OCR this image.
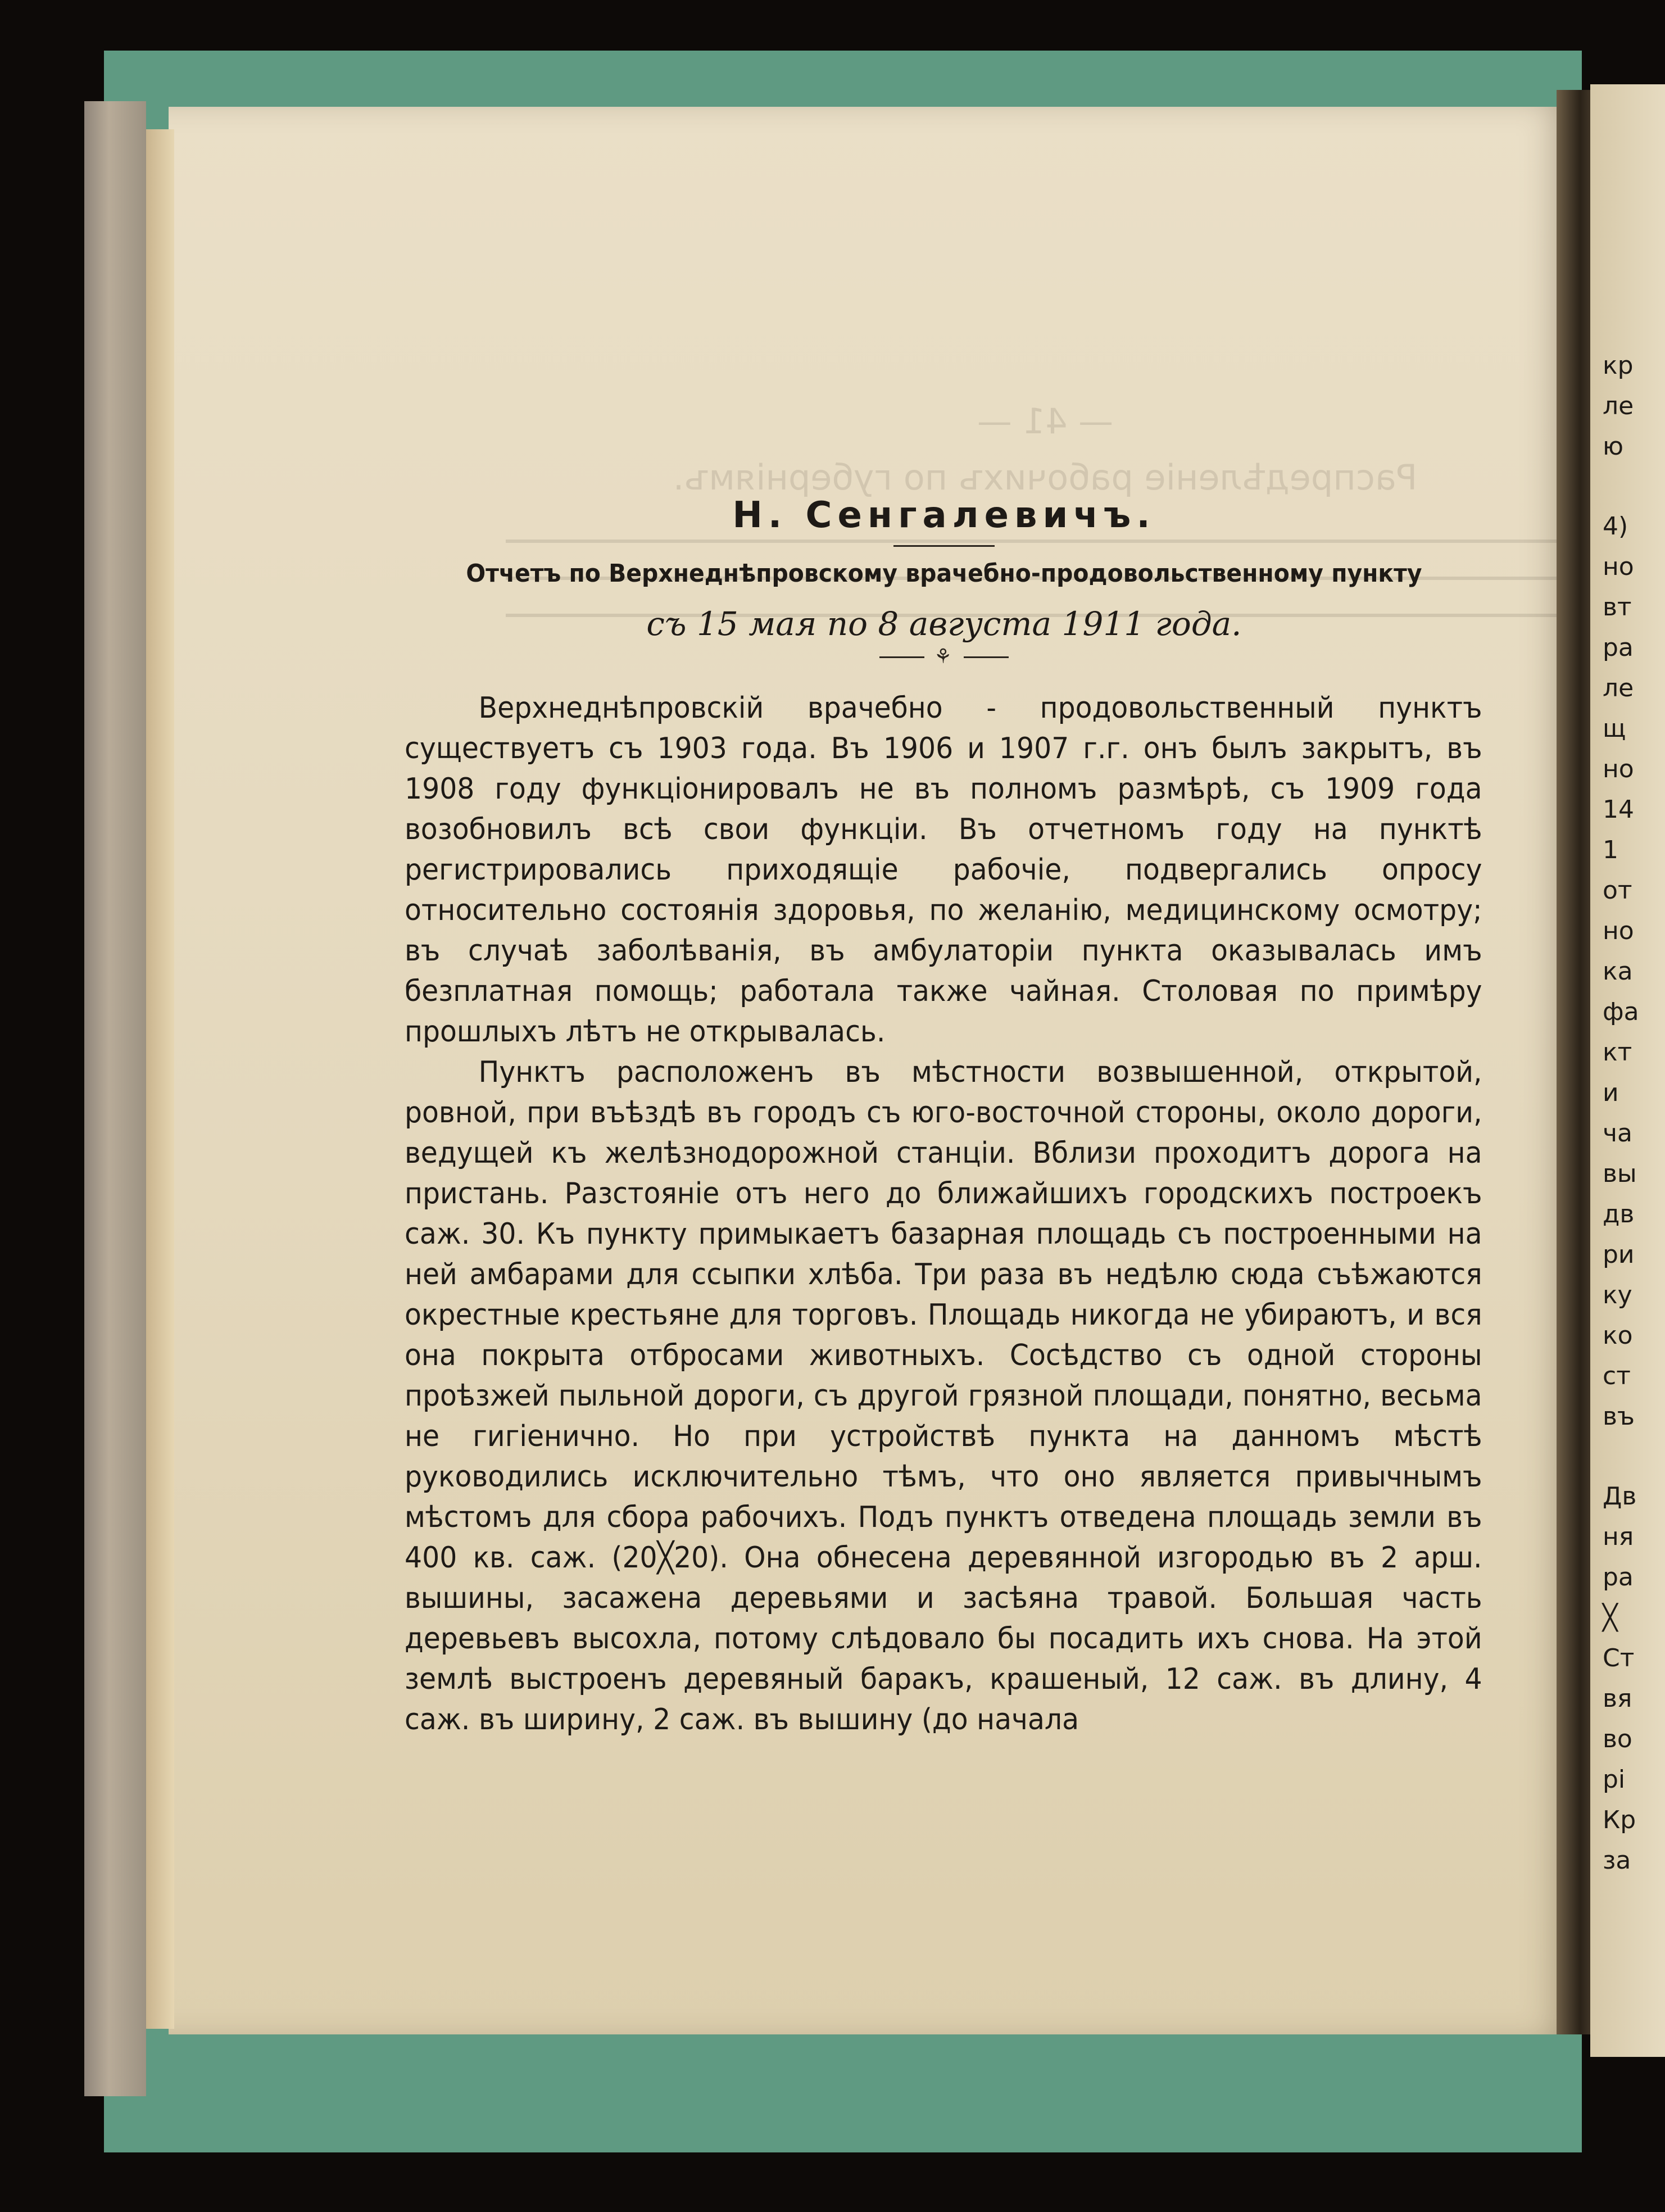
— 41 —
Распредѣленіе рабочихъ по губерніямъ.
Н. Сенгалевичъ.
Отчетъ по Верхнеднѣпровскому врачебно-продовольственному пункту
съ 15 мая по 8 августа 1911 года.
⚘

Верхнеднѣпровскій врачебно - продовольственный пунктъ существуетъ съ 1903 года. Въ 1906 и 1907 г.г. онъ былъ закрытъ, въ 1908 году функціонировалъ не въ полномъ размѣрѣ, съ 1909 года возобновилъ всѣ свои функціи. Въ отчетномъ году на пунктѣ регистрировались приходящіе рабочіе, подвергались опросу относительно состоянія здоровья, по желанію, медицинскому осмотру; въ случаѣ заболѣванія, въ амбулаторіи пункта оказывалась имъ безплатная помощь; работала также чайная. Столовая по примѣру прошлыхъ лѣтъ не открывалась.

Пунктъ расположенъ въ мѣстности возвышенной, открытой, ровной, при въѣздѣ въ городъ съ юго-восточной стороны, около дороги, ведущей къ желѣзнодорожной станціи. Вблизи проходитъ дорога на пристань. Разстояніе отъ него до ближайшихъ городскихъ построекъ саж. 30. Къ пункту примыкаетъ базарная площадь съ построенными на ней амбарами для ссыпки хлѣба. Три раза въ недѣлю сюда съѣжаются окрестные крестьяне для торговъ. Площадь никогда не убираютъ, и вся она покрыта отбросами животныхъ. Сосѣдство съ одной стороны проѣзжей пыльной дороги, съ другой грязной площади, понятно, весьма не гигіенично. Но при устройствѣ пункта на данномъ мѣстѣ руководились исключительно тѣмъ, что оно является привычнымъ мѣстомъ для сбора рабочихъ. Подъ пунктъ отведена площадь земли въ 400 кв. саж. (20╳20). Она обнесена деревянной изгородью въ 2 арш. вышины, засажена деревьями и засѣяна травой. Большая часть деревьевъ высохла, потому слѣдовало бы посадить ихъ снова. На этой землѣ выстроенъ деревяный баракъ, крашеный, 12 саж. въ длину, 4 саж. въ ширину, 2 саж. въ вышину (до начала

кр
ле
ю
4)
но
вт
ра
ле
щ
но
14
1
от
но
ка
фа
кт
и
ча
вы
дв
ри
ку
ко
ст
въ
Дв
ня
ра
╳
Ст
вя
во
рі
Кр
за
